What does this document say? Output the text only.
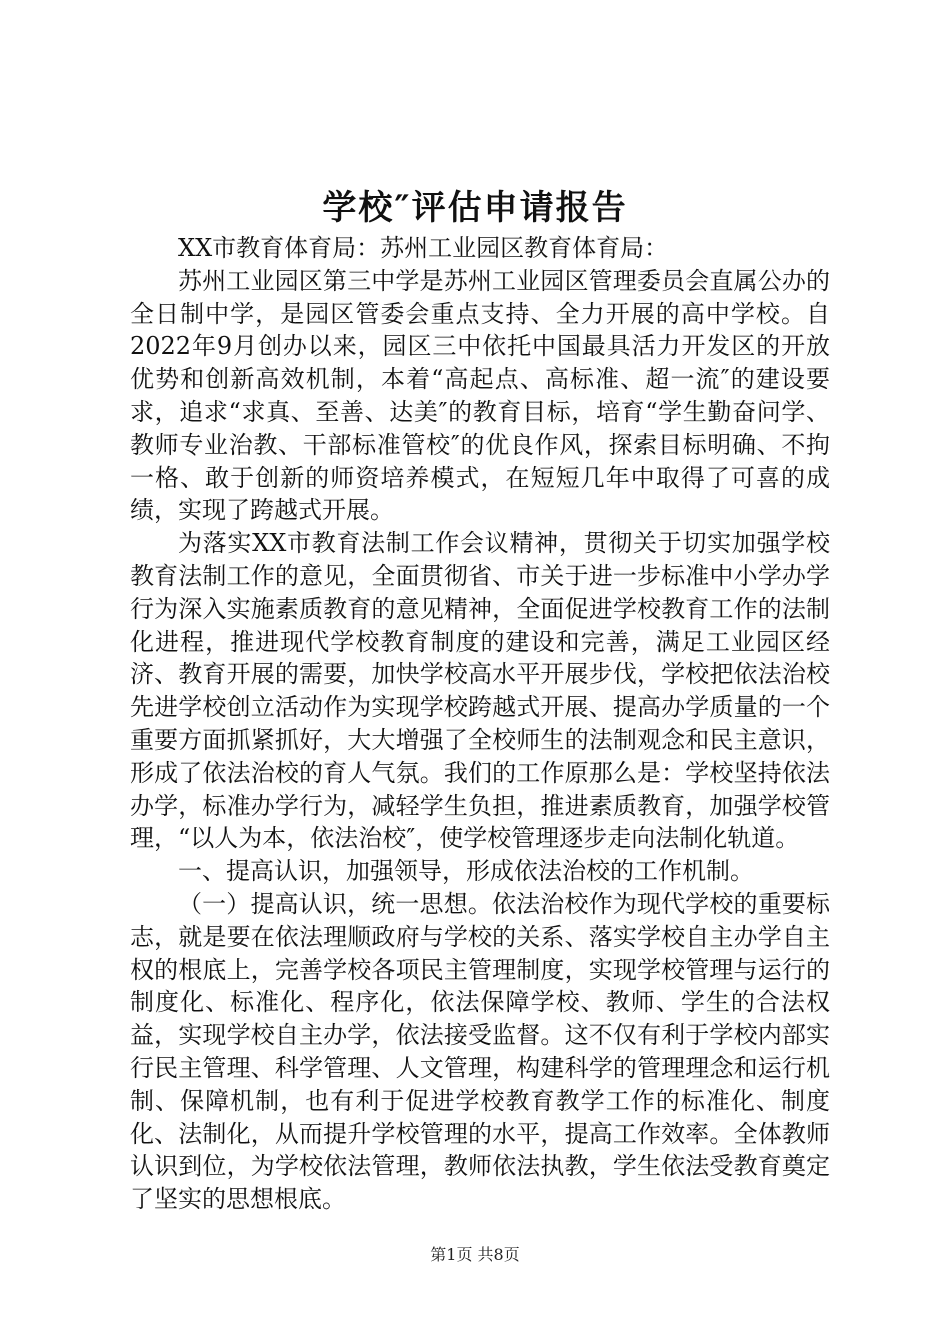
学校″评估申请报告

XX市教育体育局：苏州工业园区教育体育局：

苏州工业园区第三中学是苏州工业园区管理委员会直属公办的全日制中学，是园区管委会重点支持、全力开展的高中学校。自2022年9月创办以来，园区三中依托中国最具活力开发区的开放优势和创新高效机制，本着“高起点、高标准、超一流″的建设要求，追求“求真、至善、达美″的教育目标，培育“学生勤奋问学、教师专业治教、干部标准管校″的优良作风，探索目标明确、不拘一格、敢于创新的师资培养模式，在短短几年中取得了可喜的成绩，实现了跨越式开展。

为落实XX市教育法制工作会议精神，贯彻关于切实加强学校教育法制工作的意见，全面贯彻省、市关于进一步标准中小学办学行为深入实施素质教育的意见精神，全面促进学校教育工作的法制化进程，推进现代学校教育制度的建设和完善，满足工业园区经济、教育开展的需要，加快学校高水平开展步伐，学校把依法治校先进学校创立活动作为实现学校跨越式开展、提高办学质量的一个重要方面抓紧抓好，大大增强了全校师生的法制观念和民主意识，形成了依法治校的育人气氛。我们的工作原那么是：学校坚持依法办学，标准办学行为，减轻学生负担，推进素质教育，加强学校管理，“以人为本，依法治校″，使学校管理逐步走向法制化轨道。

一、提高认识，加强领导，形成依法治校的工作机制。

（一）提高认识，统一思想。依法治校作为现代学校的重要标志，就是要在依法理顺政府与学校的关系、落实学校自主办学自主权的根底上，完善学校各项民主管理制度，实现学校管理与运行的制度化、标准化、程序化，依法保障学校、教师、学生的合法权益，实现学校自主办学，依法接受监督。这不仅有利于学校内部实行民主管理、科学管理、人文管理，构建科学的管理理念和运行机制、保障机制，也有利于促进学校教育教学工作的标准化、制度化、法制化，从而提升学校管理的水平，提高工作效率。全体教师认识到位，为学校依法管理，教师依法执教，学生依法受教育奠定了坚实的思想根底。

第1页 共8页
